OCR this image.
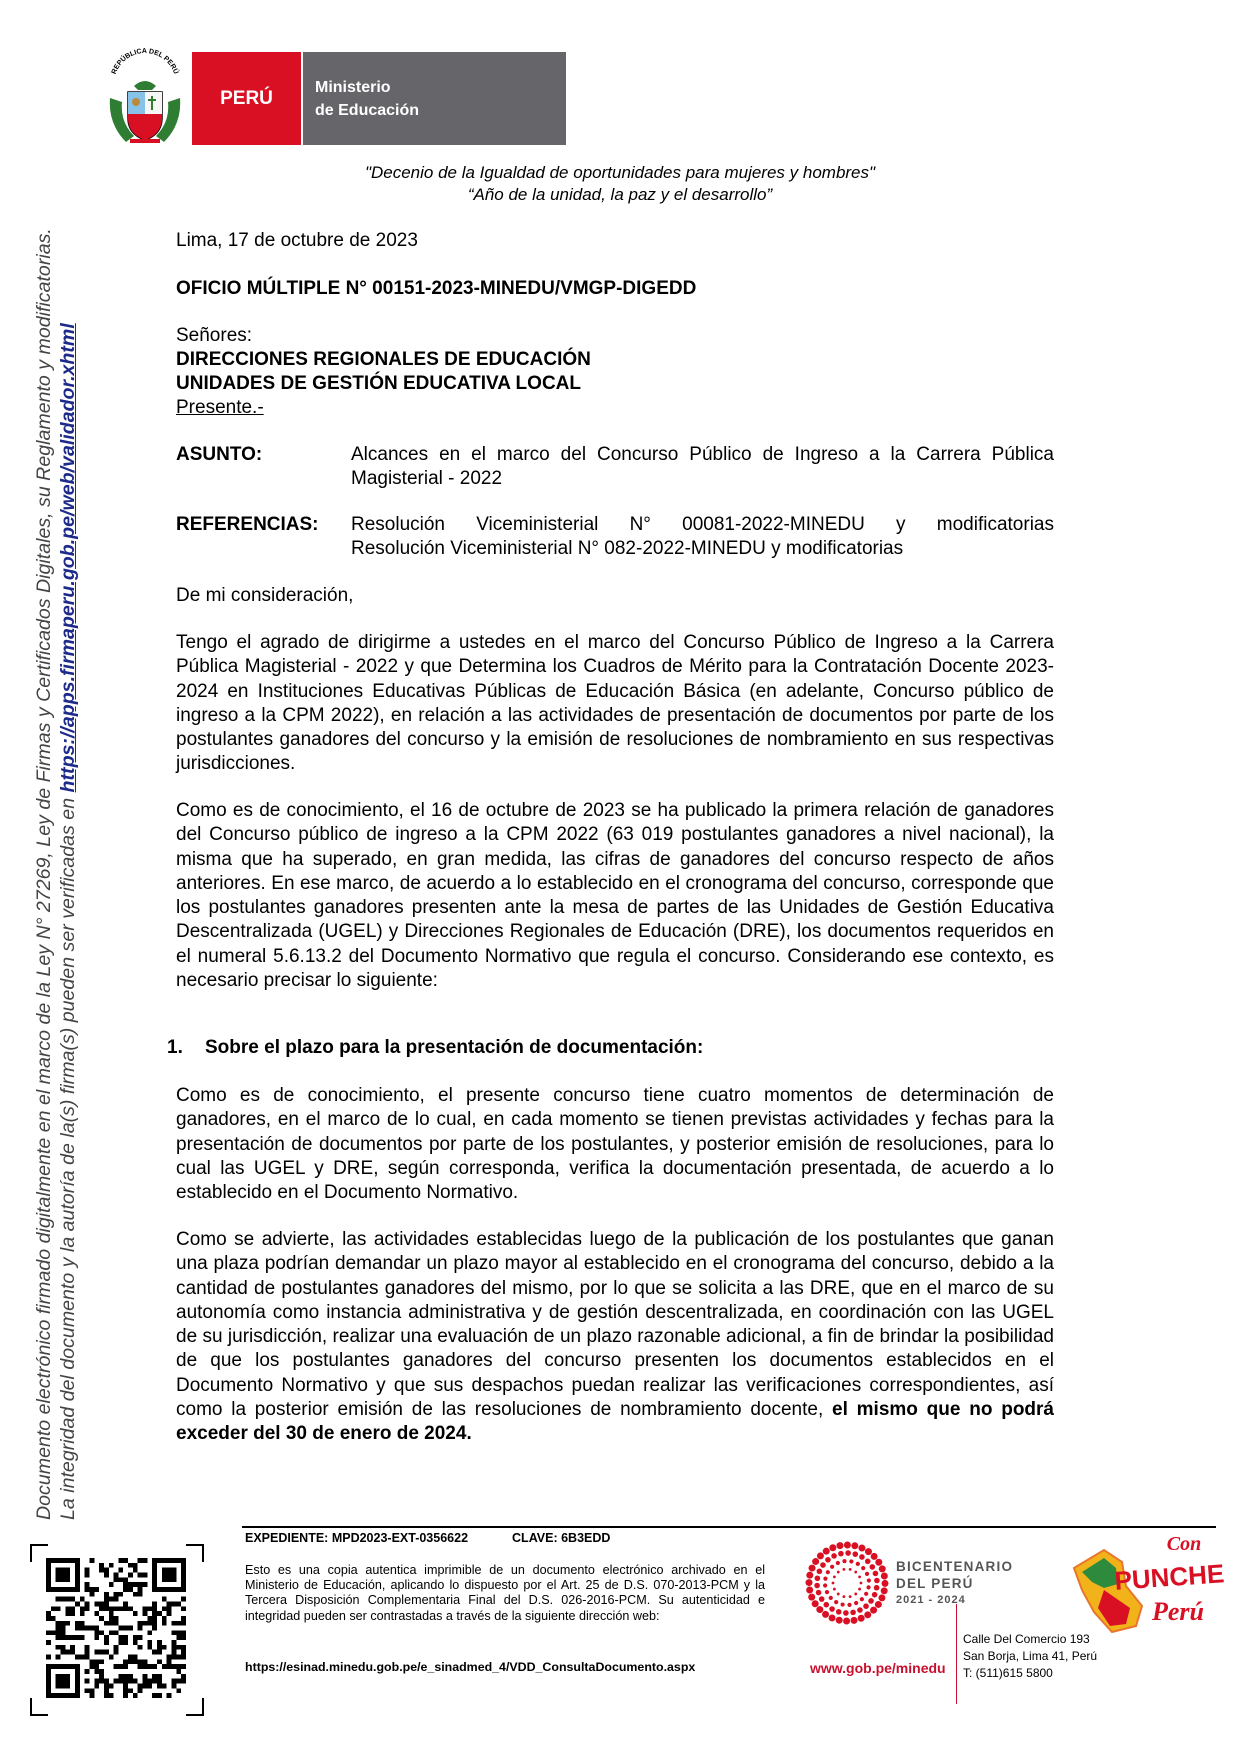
REPÚBLICA DEL PERÚ
PERÚ
Ministerio
de Educación
"Decenio de la Igualdad de oportunidades para mujeres y hombres"
“Año de la unidad, la paz y el desarrollo”
Lima, 17 de octubre de 2023
OFICIO MÚLTIPLE N° 00151-2023-MINEDU/VMGP-DIGEDD
Señores:
DIRECCIONES REGIONALES DE EDUCACIÓN
UNIDADES DE GESTIÓN EDUCATIVA LOCAL
Presente.-
ASUNTO:	Alcances en el marco del Concurso Público de Ingreso a la Carrera Pública
Magisterial - 2022
REFERENCIAS:	Resolución Viceministerial N° 00081-2022-MINEDU y modificatorias
Resolución Viceministerial N° 082-2022-MINEDU y modificatorias
De mi consideración,
Tengo el agrado de dirigirme a ustedes en el marco del Concurso Público de Ingreso a la Carrera Pública Magisterial - 2022 y que Determina los Cuadros de Mérito para la Contratación Docente 2023-2024 en Instituciones Educativas Públicas de Educación Básica (en adelante, Concurso público de ingreso a la CPM 2022), en relación a las actividades de presentación de documentos por parte de los postulantes ganadores del concurso y la emisión de resoluciones de nombramiento en sus respectivas jurisdicciones.
Como es de conocimiento, el 16 de octubre de 2023 se ha publicado la primera relación de ganadores del Concurso público de ingreso a la CPM 2022 (63 019 postulantes ganadores a nivel nacional), la misma que ha superado, en gran medida, las cifras de ganadores del concurso respecto de años anteriores. En ese marco, de acuerdo a lo establecido en el cronograma del concurso, corresponde que los postulantes ganadores presenten ante la mesa de partes de las Unidades de Gestión Educativa Descentralizada (UGEL) y Direcciones Regionales de Educación (DRE), los documentos requeridos en el numeral 5.6.13.2 del Documento Normativo que regula el concurso. Considerando ese contexto, es necesario precisar lo siguiente:
1. Sobre el plazo para la presentación de documentación:
Como es de conocimiento, el presente concurso tiene cuatro momentos de determinación de ganadores, en el marco de lo cual, en cada momento se tienen previstas actividades y fechas para la presentación de documentos por parte de los postulantes, y posterior emisión de resoluciones, para lo cual las UGEL y DRE, según corresponda, verifica la documentación presentada, de acuerdo a lo establecido en el Documento Normativo.
Como se advierte, las actividades establecidas luego de la publicación de los postulantes que ganan una plaza podrían demandar un plazo mayor al establecido en el cronograma del concurso, debido a la cantidad de postulantes ganadores del mismo, por lo que se solicita a las DRE, que en el marco de su autonomía como instancia administrativa y de gestión descentralizada, en coordinación con las UGEL de su jurisdicción, realizar una evaluación de un plazo razonable adicional, a fin de brindar la posibilidad de que los postulantes ganadores del concurso presenten los documentos establecidos en el Documento Normativo y que sus despachos puedan realizar las verificaciones correspondientes, así como la posterior emisión de las resoluciones de nombramiento docente, el mismo que no podrá exceder del 30 de enero de 2024.
Documento electrónico firmado digitalmente en el marco de la Ley N° 27269, Ley de Firmas y Certificados Digitales, su Reglamento y modificatorias. La integridad del documento y la autoría de la(s) firma(s) pueden ser verificadas en https://apps.firmaperu.gob.pe/web/validador.xhtml
EXPEDIENTE: MPD2023-EXT-0356622	CLAVE: 6B3EDD
Esto es una copia autentica imprimible de un documento electrónico archivado en el Ministerio de Educación, aplicando lo dispuesto por el Art. 25 de D.S. 070-2013-PCM y la Tercera Disposición Complementaria Final del D.S. 026-2016-PCM. Su autenticidad e integridad pueden ser contrastadas a través de la siguiente dirección web:
https://esinad.minedu.gob.pe/e_sinadmed_4/VDD_ConsultaDocumento.aspx	www.gob.pe/minedu
Calle Del Comercio 193
San Borja, Lima 41, Perú
T: (511)615 5800
BICENTENARIO
DEL PERÚ
2021 - 2024
Con
PUNCHE
Perú
